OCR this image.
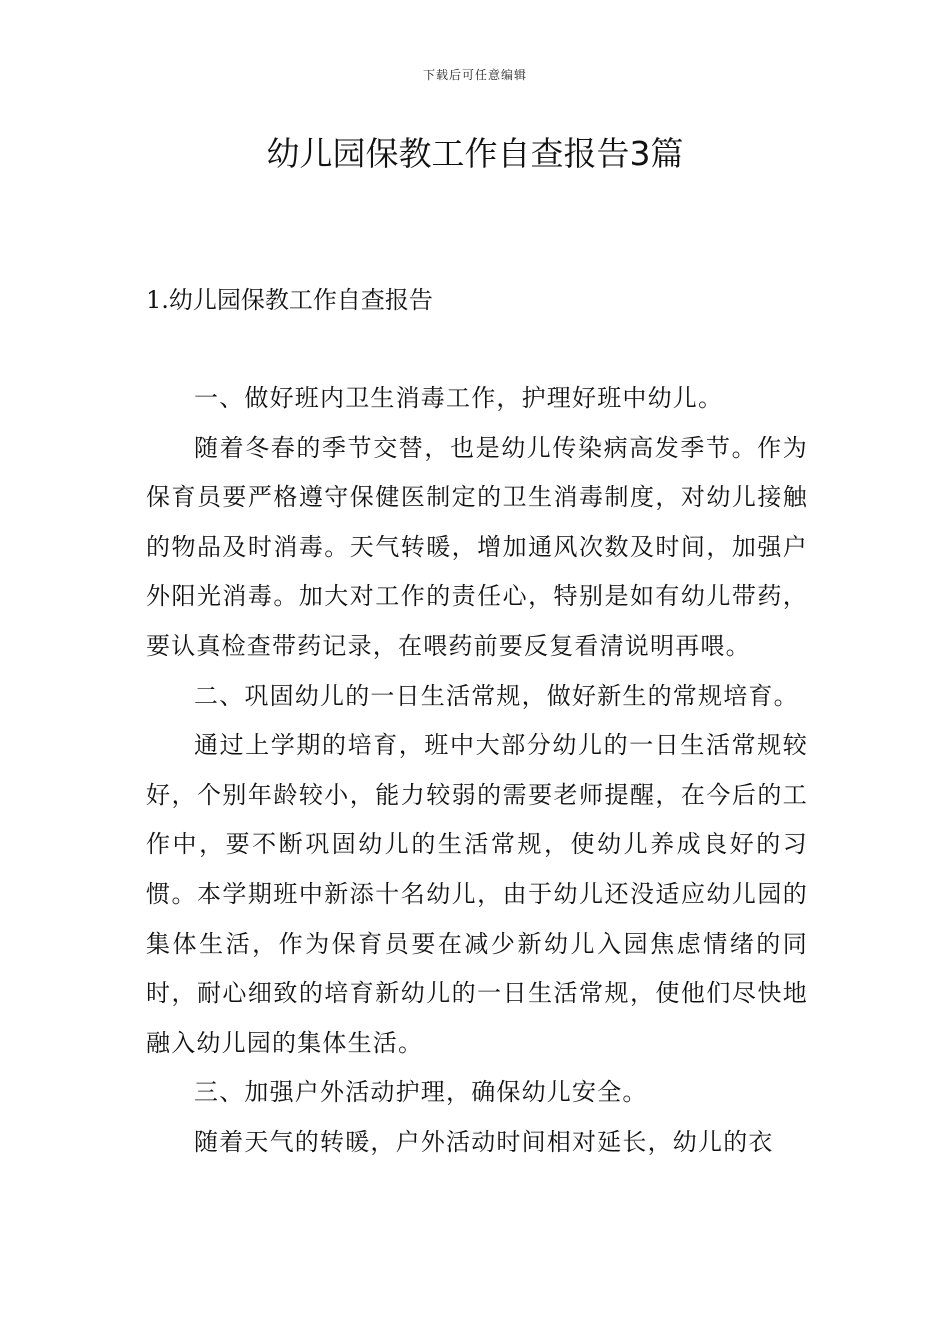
下载后可任意编辑
幼儿园保教工作自查报告3篇
1.幼儿园保教工作自查报告

一、做好班内卫生消毒工作，护理好班中幼儿。

随着冬春的季节交替，也是幼儿传染病高发季节。作为保育员要严格遵守保健医制定的卫生消毒制度，对幼儿接触的物品及时消毒。天气转暖，增加通风次数及时间，加强户外阳光消毒。加大对工作的责任心，特别是如有幼儿带药，要认真检查带药记录，在喂药前要反复看清说明再喂。

二、巩固幼儿的一日生活常规，做好新生的常规培育。

通过上学期的培育，班中大部分幼儿的一日生活常规较好，个别年龄较小，能力较弱的需要老师提醒，在今后的工作中，要不断巩固幼儿的生活常规，使幼儿养成良好的习惯。本学期班中新添十名幼儿，由于幼儿还没适应幼儿园的集体生活，作为保育员要在减少新幼儿入园焦虑情绪的同时，耐心细致的培育新幼儿的一日生活常规，使他们尽快地融入幼儿园的集体生活。

三、加强户外活动护理，确保幼儿安全。

随着天气的转暖，户外活动时间相对延长，幼儿的衣
